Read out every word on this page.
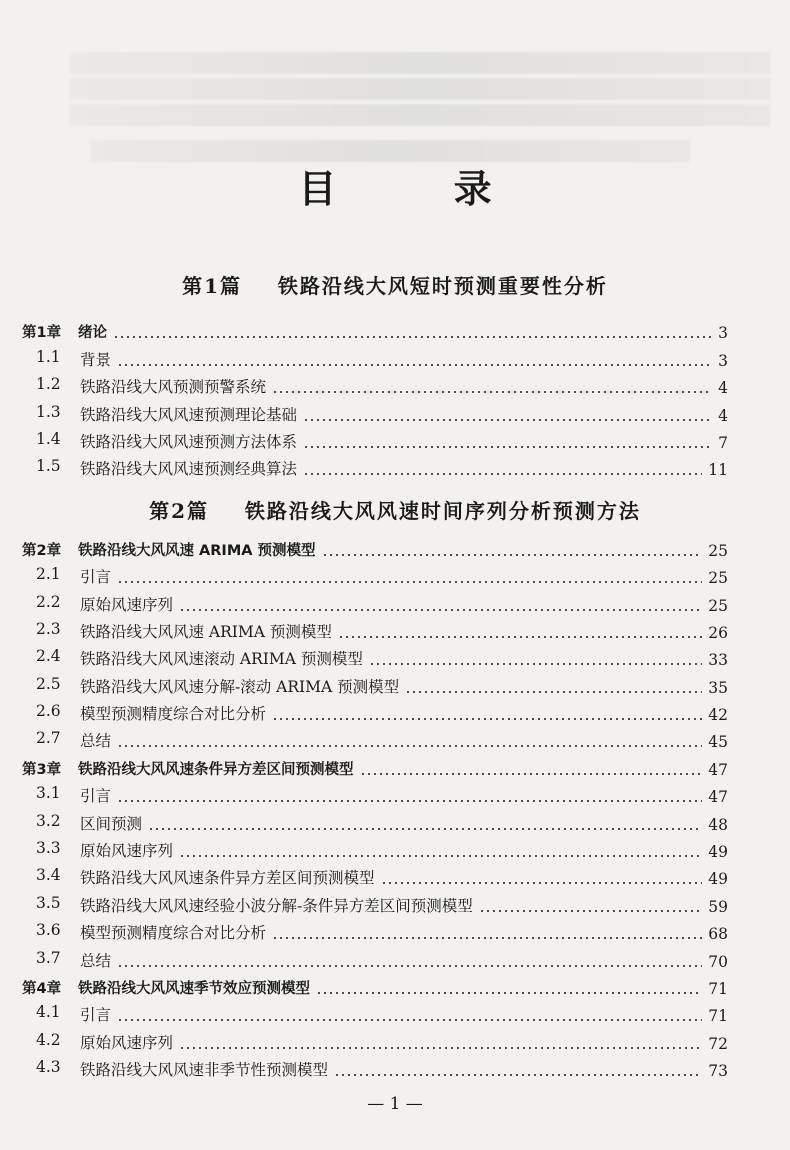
目 录
第1篇 铁路沿线大风短时预测重要性分析
第1章	绪论	3
1.1	背景	3
1.2	铁路沿线大风预测预警系统	4
1.3	铁路沿线大风风速预测理论基础	4
1.4	铁路沿线大风风速预测方法体系	7
1.5	铁路沿线大风风速预测经典算法	11
第2章	铁路沿线大风风速 ARIMA 预测模型	25
2.1	引言	25
2.2	原始风速序列	25
2.3	铁路沿线大风风速 ARIMA 预测模型	26
2.4	铁路沿线大风风速滚动 ARIMA 预测模型	33
2.5	铁路沿线大风风速分解-滚动 ARIMA 预测模型	35
2.6	模型预测精度综合对比分析	42
2.7	总结	45
第3章	铁路沿线大风风速条件异方差区间预测模型	47
3.1	引言	47
3.2	区间预测	48
3.3	原始风速序列	49
3.4	铁路沿线大风风速条件异方差区间预测模型	49
3.5	铁路沿线大风风速经验小波分解-条件异方差区间预测模型	59
3.6	模型预测精度综合对比分析	68
3.7	总结	70
第4章	铁路沿线大风风速季节效应预测模型	71
4.1	引言	71
4.2	原始风速序列	72
4.3	铁路沿线大风风速非季节性预测模型	73
第2篇 铁路沿线大风风速时间序列分析预测方法
— 1 —
